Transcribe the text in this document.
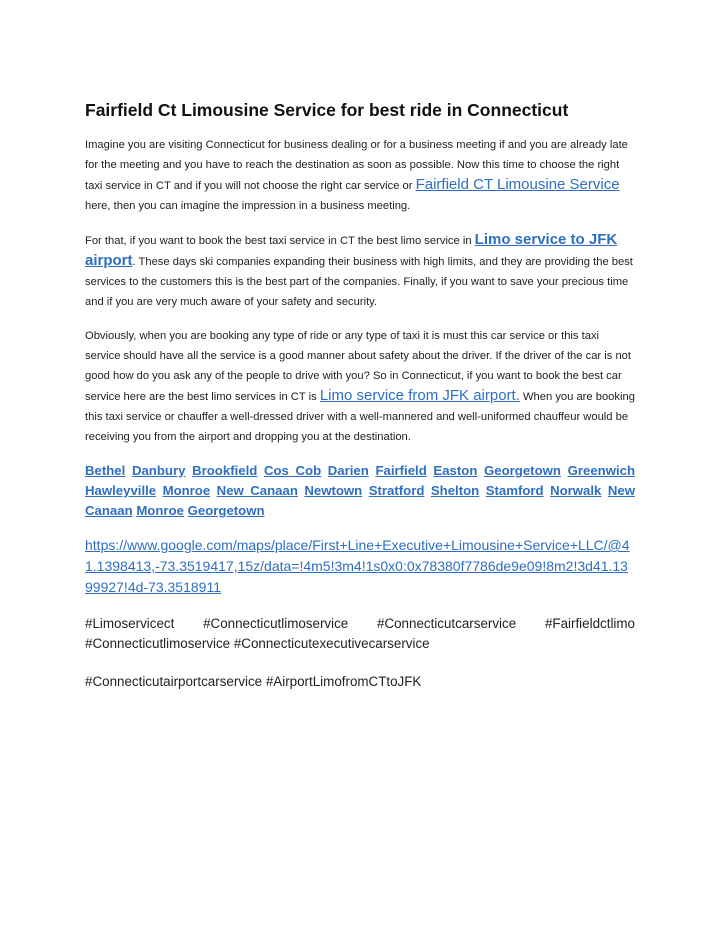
Fairfield Ct Limousine Service for best ride in Connecticut

Imagine you are visiting Connecticut for business dealing or for a business meeting if and you are already late for the meeting and you have to reach the destination as soon as possible. Now this time to choose the right taxi service in CT and if you will not choose the right car service or Fairfield CT Limousine Service here, then you can imagine the impression in a business meeting.

For that, if you want to book the best taxi service in CT the best limo service in Limo service to JFK airport. These days ski companies expanding their business with high limits, and they are providing the best services to the customers this is the best part of the companies. Finally, if you want to save your precious time and if you are very much aware of your safety and security.

Obviously, when you are booking any type of ride or any type of taxi it is must this car service or this taxi service should have all the service is a good manner about safety about the driver. If the driver of the car is not good how do you ask any of the people to drive with you? So in Connecticut, if you want to book the best car service here are the best limo services in CT is Limo service from JFK airport. When you are booking this taxi service or chauffer a well-dressed driver with a well-mannered and well-uniformed chauffeur would be receiving you from the airport and dropping you at the destination.

Bethel Danbury Brookfield Cos Cob Darien Fairfield Easton Georgetown Greenwich Hawleyville Monroe New Canaan Newtown Stratford Shelton Stamford Norwalk New Canaan Monroe Georgetown
https://www.google.com/maps/place/First+Line+Executive+Limousine+Service+LLC/@41.1398413,-73.3519417,15z/data=!4m5!3m4!1s0x0:0x78380f7786de9e09!8m2!3d41.1399927!4d-73.3518911

#Limoservicect #Connecticutlimoservice #Connecticutcarservice #Fairfieldctlimo #Connecticutlimoservice #Connecticutexecutivecarservice

#Connecticutairportcarservice #AirportLimofromCTtoJFK
